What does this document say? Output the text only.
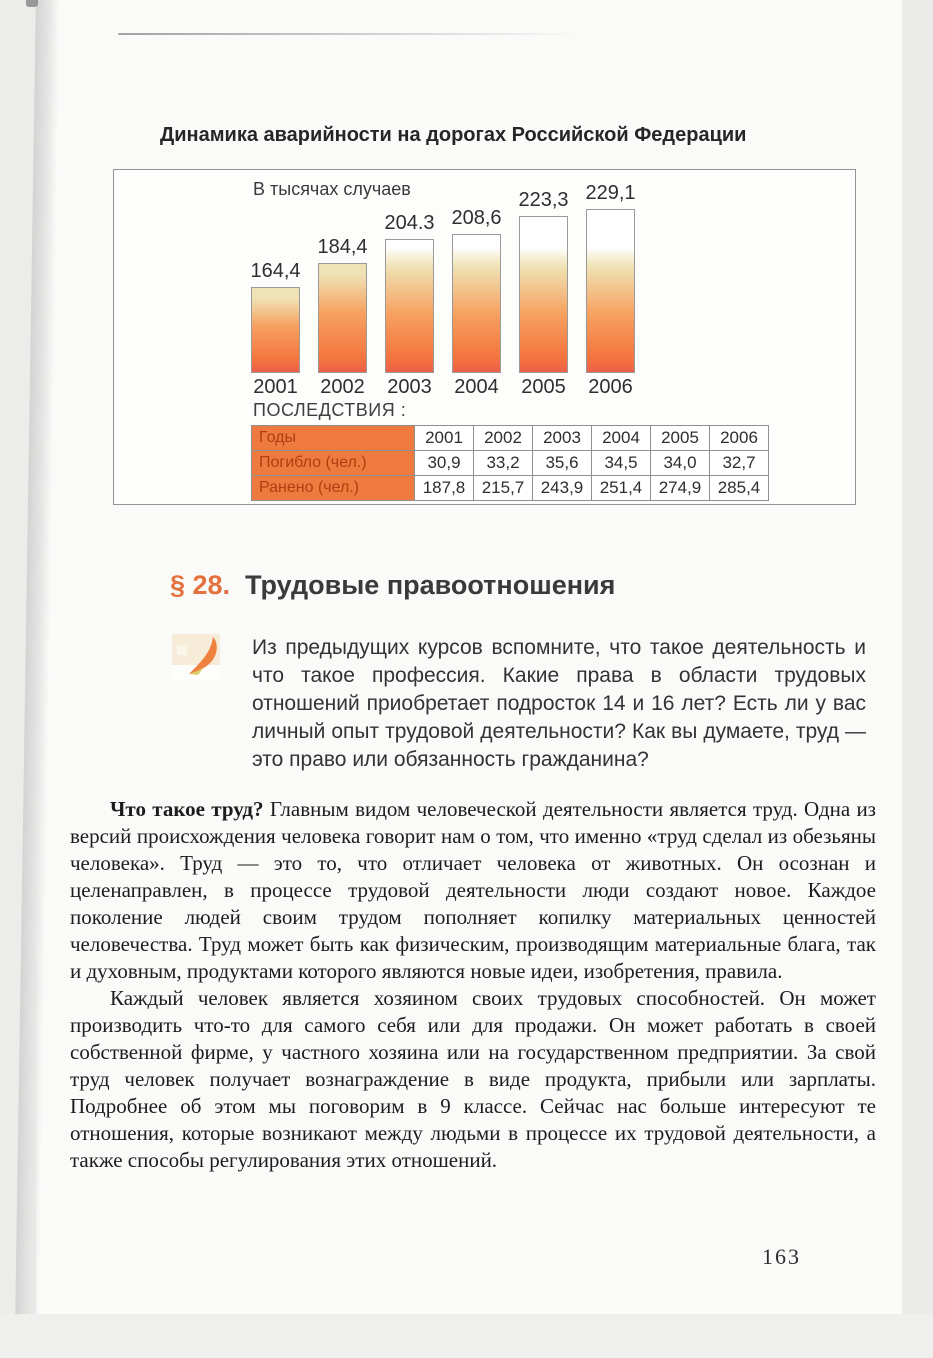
Динамика аварийности на дорогах Российской Федерации
В тысячах случаев
164,4
184,4
204.3 208,6
223,3 229,1
2001 2002 2003 2004 2005 2006
ПОСЛЕДСТВИЯ :
Годы	2001	2002	2003	2004	2005	2006
Погибло (чел.)	30,9	33,2	35,6	34,5	34,0	32,7
Ранено (чел.)	187,8	215,7	243,9	251,4	274,9	285,4
§ 28. Трудовые правоотношения
Из предыдущих курсов вспомните, что такое деятельность и что такое профессия. Какие права в области трудовых отношений приобретает подросток 14 и 16 лет? Есть ли у вас личный опыт трудовой деятельности? Как вы думаете, труд — это право или обязанность гражданина?

Что такое труд? Главным видом человеческой деятельности является труд. Одна из версий происхождения человека говорит нам о том, что именно «труд сделал из обезьяны человека». Труд — это то, что отличает человека от животных. Он осознан и целенаправлен, в процессе трудовой деятельности люди создают новое. Каждое поколение людей своим трудом пополняет копилку материальных ценностей человечества. Труд может быть как физическим, производящим материальные блага, так и духовным, продуктами которого являются новые идеи, изобретения, правила.

Каждый человек является хозяином своих трудовых способностей. Он может производить что-то для самого себя или для продажи. Он может работать в своей собственной фирме, у частного хозяина или на государственном предприятии. За свой труд человек получает вознаграждение в виде продукта, прибыли или зарплаты. Подробнее об этом мы поговорим в 9 классе. Сейчас нас больше интересуют те отношения, которые возникают между людьми в процессе их трудовой деятельности, а также способы регулирования этих отношений.

163
